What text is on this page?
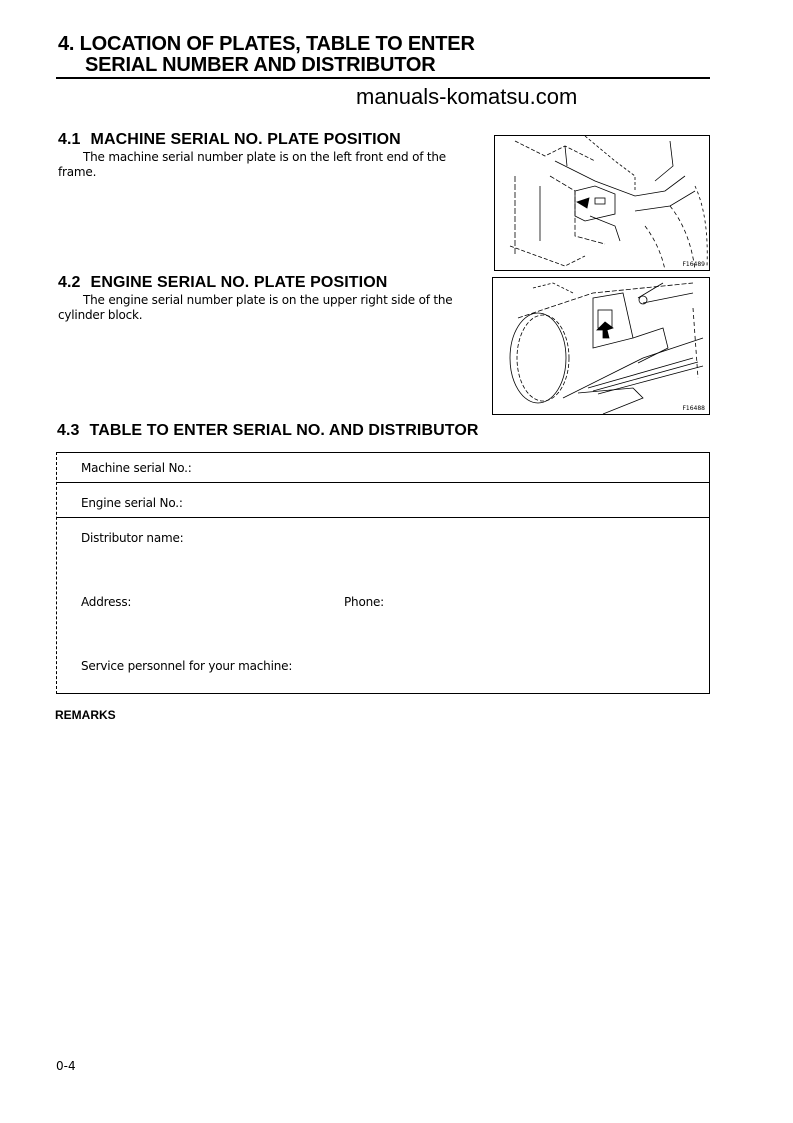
4. LOCATION OF PLATES, TABLE TO ENTER
SERIAL NUMBER AND DISTRIBUTOR
manuals-komatsu.com
4.1 MACHINE SERIAL NO. PLATE POSITION
The machine serial number plate is on the left front end of the
frame.
F16489
4.2 ENGINE SERIAL NO. PLATE POSITION
The engine serial number plate is on the upper right side of the
cylinder block.
F16488
4.3 TABLE TO ENTER SERIAL NO. AND DISTRIBUTOR
Machine serial No.:
Engine serial No.:
Distributor name:
Address:	Phone:
Service personnel for your machine:
REMARKS
0-4
